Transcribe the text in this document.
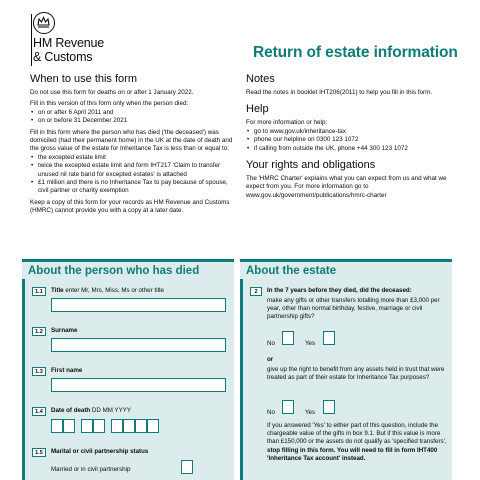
HM Revenue
& Customs	Return of estate information
When to use this form
Do not use this form for deaths on or after 1 January 2022.
Fill in this version of this form only when the person died:
• on or after 6 April 2011 and
• on or before 31 December 2021
Fill in this form where the person who has died ('the deceased') was domiciled (had their permanent home) in the UK at the date of death and the gross value of the estate for Inheritance Tax is less than or equal to:
• the excepted estate limit
• twice the excepted estate limit and form IHT217 'Claim to transfer unused nil rate band for excepted estates' is attached
• £1 million and there is no Inheritance Tax to pay because of spouse, civil partner or charity exemption
Keep a copy of this form for your records as HM Revenue and Customs (HMRC) cannot provide you with a copy at a later date.
Notes
Read the notes in booklet IHT206(2011) to help you fill in this form.
Help
For more information or help:
• go to www.gov.uk/inheritance-tax
• phone our helpline on 0300 123 1072
• if calling from outside the UK, phone +44 300 123 1072
Your rights and obligations
The 'HMRC Charter' explains what you can expect from us and what we expect from you. For more information go to www.gov.uk/government/publications/hmrc-charter
About the person who has died
1.1	Title enter Mr, Mrs, Miss, Ms or other title
1.2	Surname
1.3	First name
1.4	Date of death DD MM YYYY
1.5	Marital or civil partnership status
Married or in civil partnership
About the estate
2	In the 7 years before they died, did the deceased:
make any gifts or other transfers totalling more than £3,000 per year, other than normal birthday, festive, marriage or civil partnership gifts?
No	Yes
or
give up the right to benefit from any assets held in trust that were treated as part of their estate for Inheritance Tax purposes?
No	Yes
If you answered 'Yes' to either part of this question, include the chargeable value of the gifts in box 9.1. But if this value is more than £150,000 or the assets do not qualify as 'specified transfers', stop filling in this form. You will need to fill in form IHT400 'Inheritance Tax account' instead.
